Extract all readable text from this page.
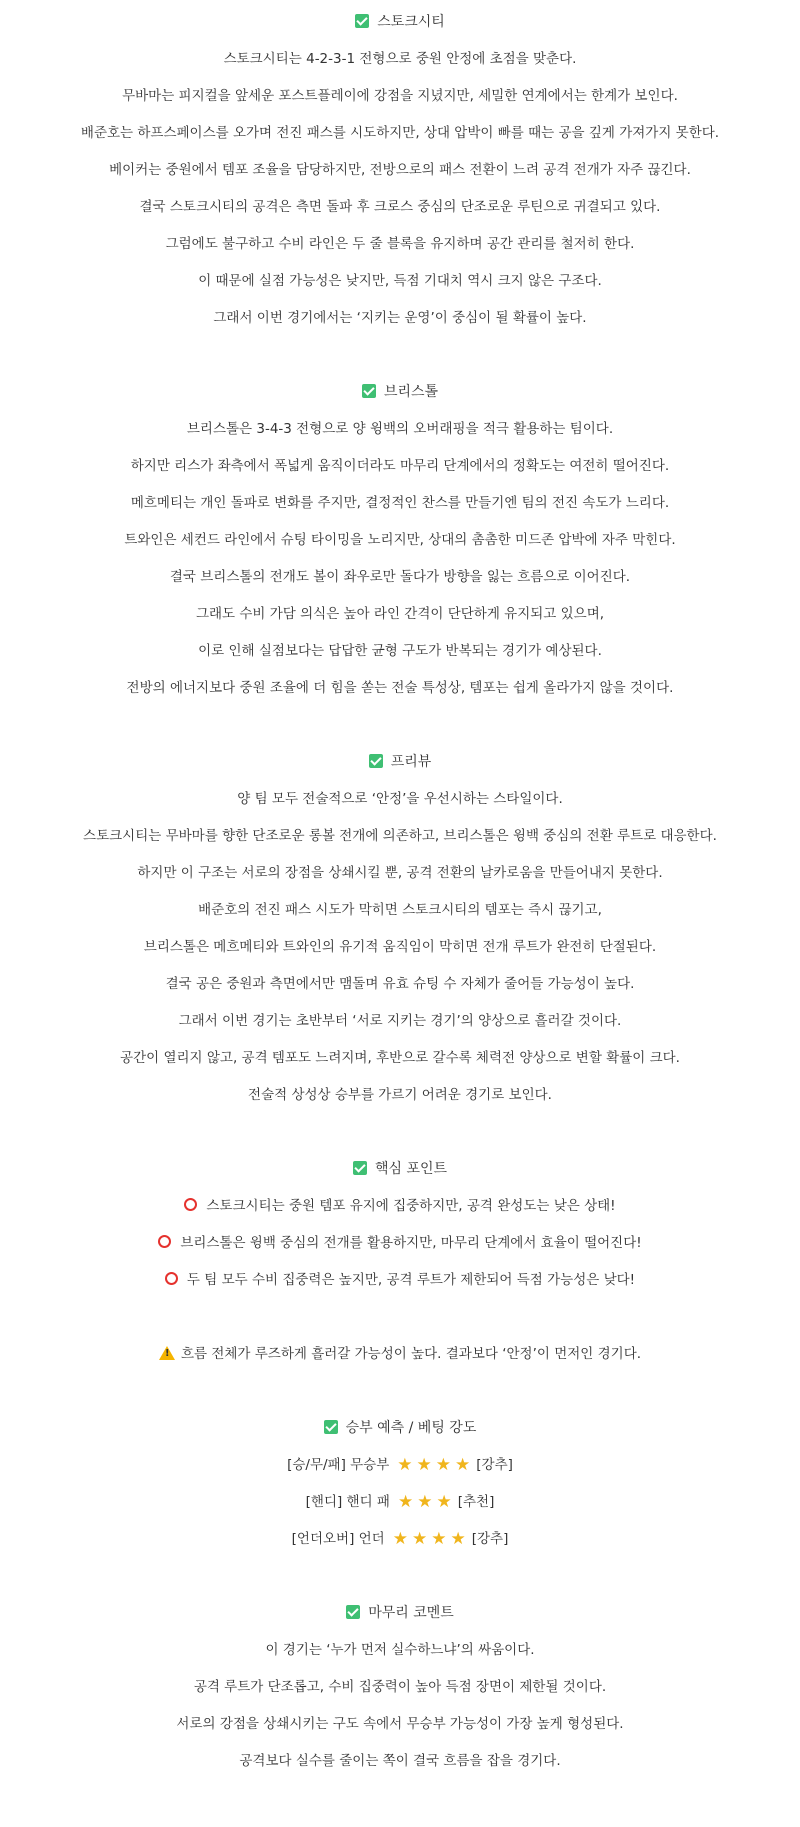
스토크시티
스토크시티는 4-2-3-1 전형으로 중원 안정에 초점을 맞춘다.
무바마는 피지컬을 앞세운 포스트플레이에 강점을 지녔지만, 세밀한 연계에서는 한계가 보인다.
배준호는 하프스페이스를 오가며 전진 패스를 시도하지만, 상대 압박이 빠를 때는 공을 깊게 가져가지 못한다.
베이커는 중원에서 템포 조율을 담당하지만, 전방으로의 패스 전환이 느려 공격 전개가 자주 끊긴다.
결국 스토크시티의 공격은 측면 돌파 후 크로스 중심의 단조로운 루틴으로 귀결되고 있다.
그럼에도 불구하고 수비 라인은 두 줄 블록을 유지하며 공간 관리를 철저히 한다.
이 때문에 실점 가능성은 낮지만, 득점 기대치 역시 크지 않은 구조다.
그래서 이번 경기에서는 ‘지키는 운영’이 중심이 될 확률이 높다.
브리스톨
브리스톨은 3-4-3 전형으로 양 윙백의 오버래핑을 적극 활용하는 팀이다.
하지만 리스가 좌측에서 폭넓게 움직이더라도 마무리 단계에서의 정확도는 여전히 떨어진다.
메흐메티는 개인 돌파로 변화를 주지만, 결정적인 찬스를 만들기엔 팀의 전진 속도가 느리다.
트와인은 세컨드 라인에서 슈팅 타이밍을 노리지만, 상대의 촘촘한 미드존 압박에 자주 막힌다.
결국 브리스톨의 전개도 볼이 좌우로만 돌다가 방향을 잃는 흐름으로 이어진다.
그래도 수비 가담 의식은 높아 라인 간격이 단단하게 유지되고 있으며,
이로 인해 실점보다는 답답한 균형 구도가 반복되는 경기가 예상된다.
전방의 에너지보다 중원 조율에 더 힘을 쏟는 전술 특성상, 템포는 쉽게 올라가지 않을 것이다.
프리뷰
양 팀 모두 전술적으로 ‘안정’을 우선시하는 스타일이다.
스토크시티는 무바마를 향한 단조로운 롱볼 전개에 의존하고, 브리스톨은 윙백 중심의 전환 루트로 대응한다.
하지만 이 구조는 서로의 장점을 상쇄시킬 뿐, 공격 전환의 날카로움을 만들어내지 못한다.
배준호의 전진 패스 시도가 막히면 스토크시티의 템포는 즉시 끊기고,
브리스톨은 메흐메티와 트와인의 유기적 움직임이 막히면 전개 루트가 완전히 단절된다.
결국 공은 중원과 측면에서만 맴돌며 유효 슈팅 수 자체가 줄어들 가능성이 높다.
그래서 이번 경기는 초반부터 ‘서로 지키는 경기’의 양상으로 흘러갈 것이다.
공간이 열리지 않고, 공격 템포도 느려지며, 후반으로 갈수록 체력전 양상으로 변할 확률이 크다.
전술적 상성상 승부를 가르기 어려운 경기로 보인다.
핵심 포인트
스토크시티는 중원 템포 유지에 집중하지만, 공격 완성도는 낮은 상태!
브리스톨은 윙백 중심의 전개를 활용하지만, 마무리 단계에서 효율이 떨어진다!
두 팀 모두 수비 집중력은 높지만, 공격 루트가 제한되어 득점 가능성은 낮다!
!흐름 전체가 루즈하게 흘러갈 가능성이 높다. 결과보다 ‘안정’이 먼저인 경기다.
승부 예측 / 베팅 강도
[승/무/패] 무승부 ★ ★ ★ ★ [강추]
[핸디] 핸디 패 ★ ★ ★ [추천]
[언더오버] 언더 ★ ★ ★ ★ [강추]
마무리 코멘트
이 경기는 ‘누가 먼저 실수하느냐’의 싸움이다.
공격 루트가 단조롭고, 수비 집중력이 높아 득점 장면이 제한될 것이다.
서로의 강점을 상쇄시키는 구도 속에서 무승부 가능성이 가장 높게 형성된다.
공격보다 실수를 줄이는 쪽이 결국 흐름을 잡을 경기다.
